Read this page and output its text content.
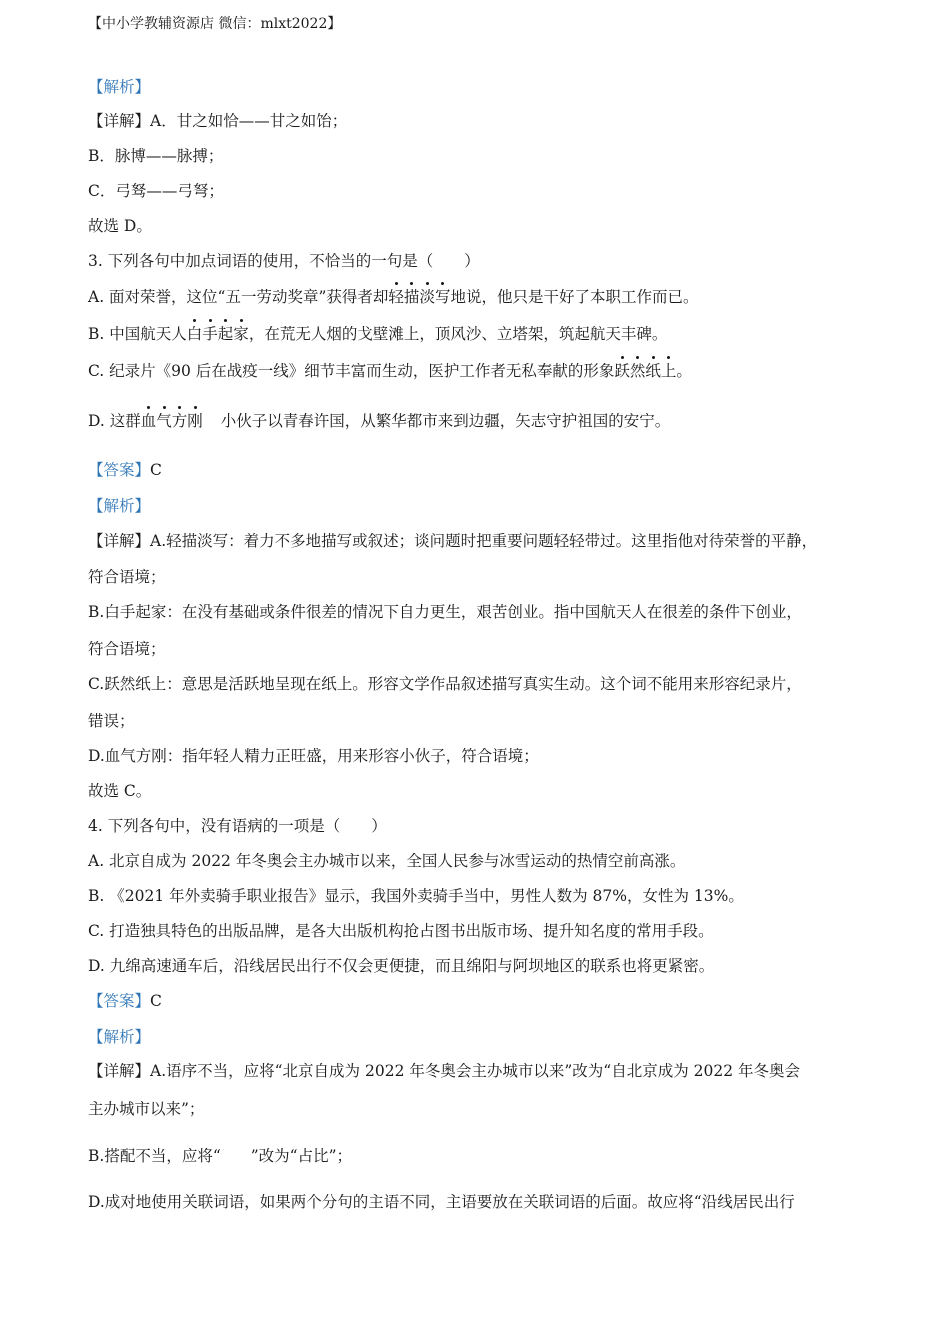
【中小学教辅资源店 微信：mlxt2022】
【解析】
【详解】A．甘之如恰——甘之如饴；
B．脉博——脉搏；
C．弓驽——弓弩；
故选 D。
3. 下列各句中加点词语的使用，不恰当的一句是（　　）
A. 面对荣誉，这位“五一劳动奖章”获得者却轻描淡写地说，他只是干好了本职工作而已。
B. 中国航天人白手起家，在荒无人烟的戈壁滩上，顶风沙、立塔架，筑起航天丰碑。
C. 纪录片《90 后在战疫一线》细节丰富而生动，医护工作者无私奉献的形象跃然纸上。
D. 这群血气方刚 小伙子以青春许国，从繁华都市来到边疆，矢志守护祖国的安宁。
【答案】C
【解析】
【详解】A.轻描淡写：着力不多地描写或叙述；谈问题时把重要问题轻轻带过。这里指他对待荣誉的平静，
符合语境；
B.白手起家：在没有基础或条件很差的情况下自力更生，艰苦创业。指中国航天人在很差的条件下创业，
符合语境；
C.跃然纸上：意思是活跃地呈现在纸上。形容文学作品叙述描写真实生动。这个词不能用来形容纪录片，
错误；
D.血气方刚：指年轻人精力正旺盛，用来形容小伙子，符合语境；
故选 C。
4. 下列各句中，没有语病的一项是（　　）
A. 北京自成为 2022 年冬奥会主办城市以来，全国人民参与冰雪运动的热情空前高涨。
B. 《2021 年外卖骑手职业报告》显示，我国外卖骑手当中，男性人数为 87%，女性为 13%。
C. 打造独具特色的出版品牌，是各大出版机构抢占图书出版市场、提升知名度的常用手段。
D. 九绵高速通车后，沿线居民出行不仅会更便捷，而且绵阳与阿坝地区的联系也将更紧密。
【答案】C
【解析】
【详解】A.语序不当，应将“北京自成为 2022 年冬奥会主办城市以来”改为“自北京成为 2022 年冬奥会
主办城市以来”；
B.搭配不当，应将“ ”改为“占比”；
D.成对地使用关联词语，如果两个分句的主语不同，主语要放在关联词语的后面。故应将“沿线居民出行
